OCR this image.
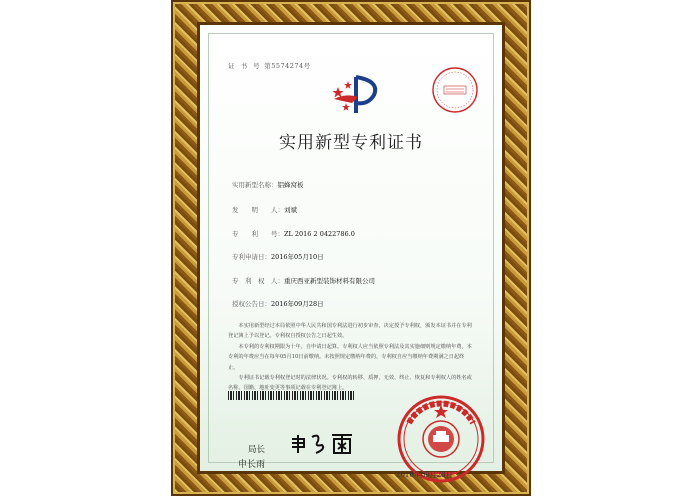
证 书 号 第5574274号
实用新型专利证书
实用新型名称：铝蜂窝板
发　　明　　人：刘斌
专　　利　　号：ZL 2016 2 0422786.0
专利申请日：2016年05月10日
专　利　权　人：重庆西亚新型装饰材料有限公司
授权公告日：2016年09月28日

本实用新型经过本局依照中华人民共和国专利法进行初步审查，决定授予专利权，颁发本证书并在专利登记簿上予以登记。专利权自授权公告之日起生效。

本专利的专利权期限为十年，自申请日起算。专利权人应当依照专利法及其实施细则规定缴纳年费。本专利的年费应当在每年05月10日前缴纳。未按照规定缴纳年费的，专利权自应当缴纳年费期满之日起终止。

专利证书记载专利权登记时的法律状况。专利权的转移、质押、无效、终止、恢复和专利权人的姓名或名称、国籍、地址变更等事项记载在专利登记簿上。

局长
申长雨
2016年09月28日
